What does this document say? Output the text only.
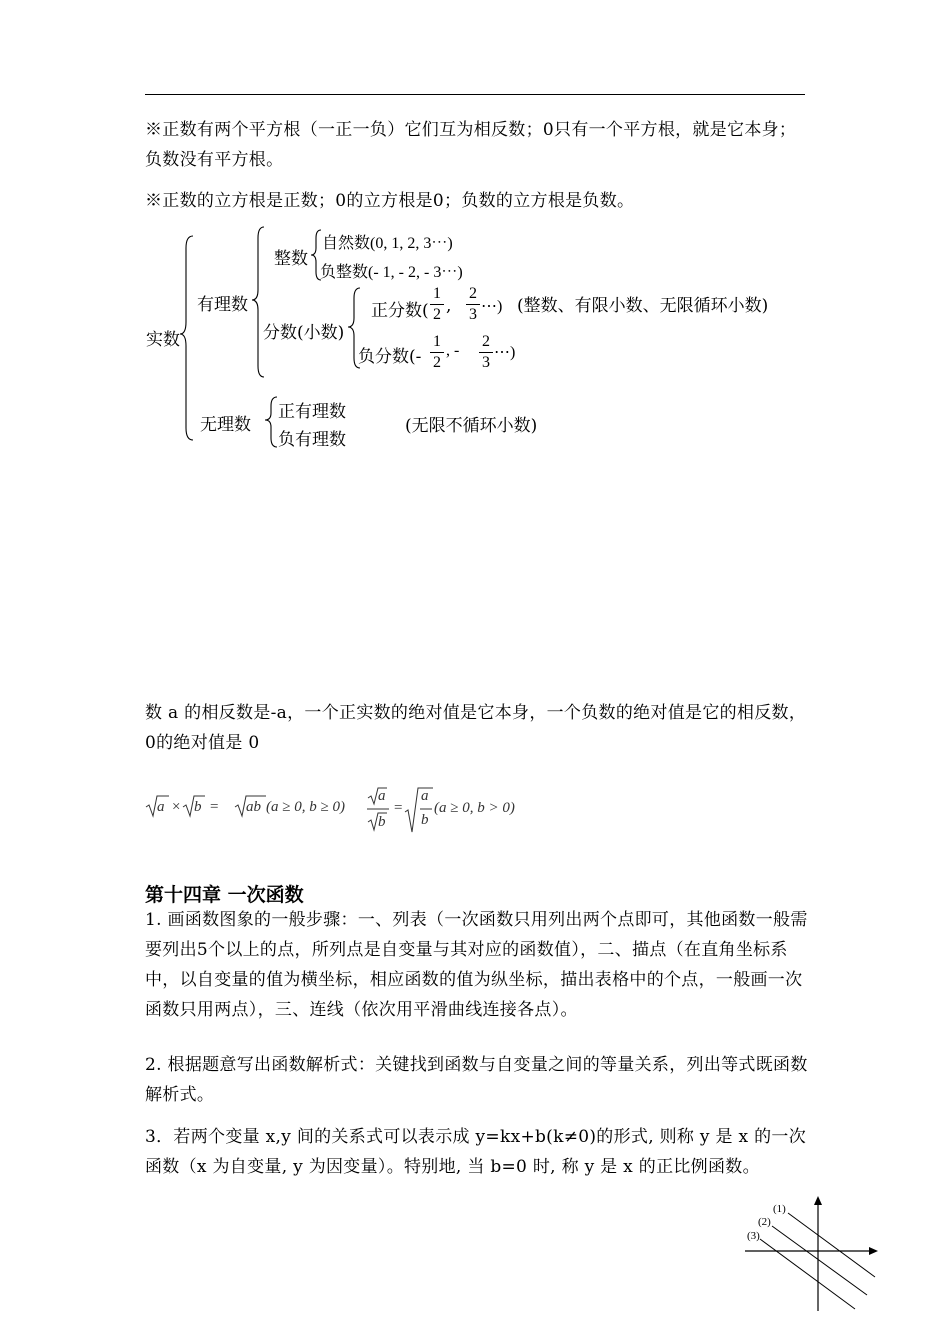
※正数有两个平方根（一正一负）它们互为相反数；0只有一个平方根，就是它本身；负数没有平方根。
※正数的立方根是正数；0的立方根是0；负数的立方根是负数。
实数
有理数
整数
自然数(0, 1, 2, 3⋯)
负整数(- 1, - 2, - 3⋯)
分数(小数)
正分数(
1
2 ,
2
3 ⋯) (整数、有限小数、无限循环小数)
负分数(-
1
2
, -
2
3
⋯)
无理数
正有理数
负有理数
(无限不循环小数)
数 a 的相反数是-a，一个正实数的绝对值是它本身，一个负数的绝对值是它的相反数，0的绝对值是 0
a × b = ab (a ≥ 0, b ≥ 0)
a
b
=
a
b
(a ≥ 0, b > 0)
第十四章 一次函数
1. 画函数图象的一般步骤：一、列表（一次函数只用列出两个点即可，其他函数一般需要列出5个以上的点，所列点是自变量与其对应的函数值），二、描点（在直角坐标系中，以自变量的值为横坐标，相应函数的值为纵坐标，描出表格中的个点，一般画一次函数只用两点），三、连线（依次用平滑曲线连接各点）。
2. 根据题意写出函数解析式：关键找到函数与自变量之间的等量关系，列出等式既函数解析式。
3．若两个变量 x,y 间的关系式可以表示成 y=kx+b(k≠0)的形式, 则称 y 是 x 的一次函数（x 为自变量, y 为因变量）。特别地, 当 b=0 时, 称 y 是 x 的正比例函数。
(1)
(2)
(3)
